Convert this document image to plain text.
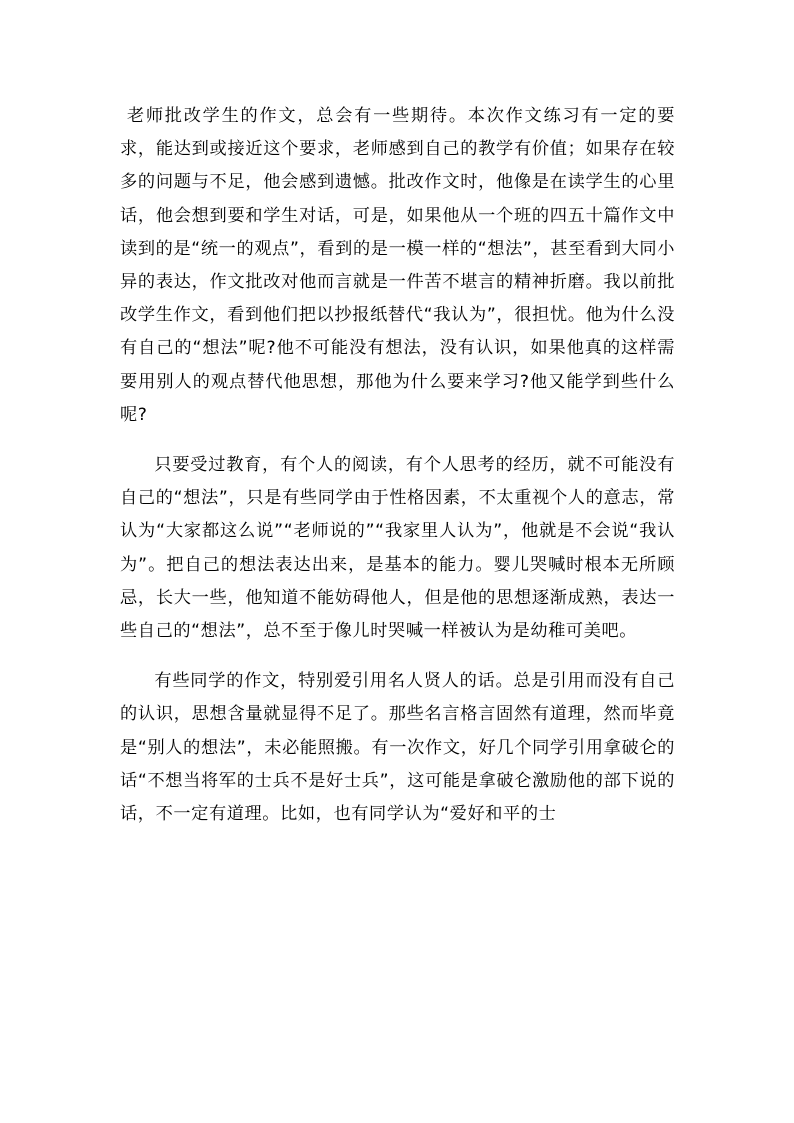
老师批改学生的作文，总会有一些期待。本次作文练习有一定的要求，能达到或接近这个要求，老师感到自己的教学有价值；如果存在较多的问题与不足，他会感到遗憾。批改作文时，他像是在读学生的心里话，他会想到要和学生对话，可是，如果他从一个班的四五十篇作文中读到的是“统一的观点”，看到的是一模一样的“想法”，甚至看到大同小异的表达，作文批改对他而言就是一件苦不堪言的精神折磨。我以前批改学生作文，看到他们把以抄报纸替代“我认为”，很担忧。他为什么没有自己的“想法”呢?他不可能没有想法，没有认识，如果他真的这样需要用别人的观点替代他思想，那他为什么要来学习?他又能学到些什么呢?

只要受过教育，有个人的阅读，有个人思考的经历，就不可能没有自己的“想法”，只是有些同学由于性格因素，不太重视个人的意志，常认为“大家都这么说”“老师说的”“我家里人认为”，他就是不会说“我认为”。把自己的想法表达出来，是基本的能力。婴儿哭喊时根本无所顾忌，长大一些，他知道不能妨碍他人，但是他的思想逐渐成熟，表达一些自己的“想法”，总不至于像儿时哭喊一样被认为是幼稚可美吧。

有些同学的作文，特别爱引用名人贤人的话。总是引用而没有自己的认识，思想含量就显得不足了。那些名言格言固然有道理，然而毕竟是“别人的想法”，未必能照搬。有一次作文，好几个同学引用拿破仑的话“不想当将军的士兵不是好士兵”，这可能是拿破仑激励他的部下说的话，不一定有道理。比如，也有同学认为“爱好和平的士
